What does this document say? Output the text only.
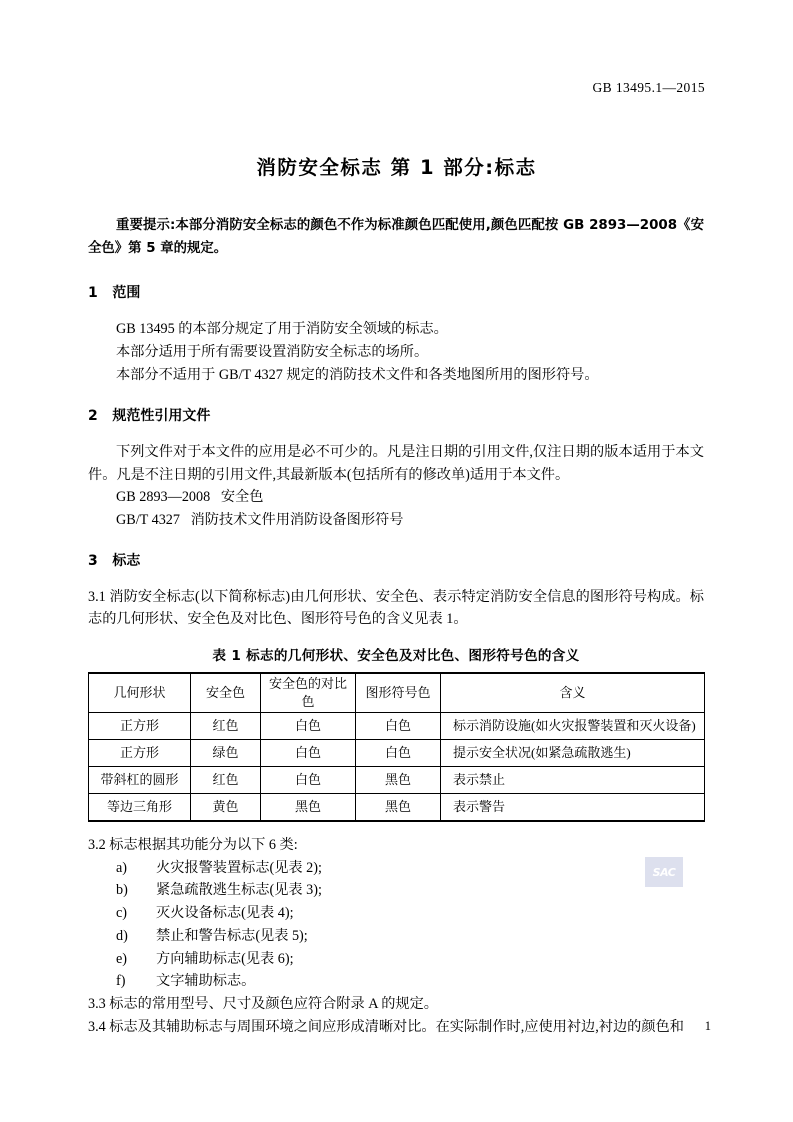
GB 13495.1—2015
消防安全标志 第 1 部分:标志

重要提示:本部分消防安全标志的颜色不作为标准颜色匹配使用,颜色匹配按 GB 2893—2008《安全色》第 5 章的规定。

1   范围

GB 13495 的本部分规定了用于消防安全领域的标志。
本部分适用于所有需要设置消防安全标志的场所。
本部分不适用于 GB/T 4327 规定的消防技术文件和各类地图所用的图形符号。

2   规范性引用文件

下列文件对于本文件的应用是必不可少的。凡是注日期的引用文件,仅注日期的版本适用于本文件。凡是不注日期的引用文件,其最新版本(包括所有的修改单)适用于本文件。

GB 2893—2008   安全色
GB/T 4327   消防技术文件用消防设备图形符号

3   标志

3.1 消防安全标志(以下简称标志)由几何形状、安全色、表示特定消防安全信息的图形符号构成。标志的几何形状、安全色及对比色、图形符号色的含义见表 1。

表 1 标志的几何形状、安全色及对比色、图形符号色的含义

几何形状	安全色	安全色的对比色	图形符号色	含义
正方形	红色	白色	白色	标示消防设施(如火灾报警装置和灭火设备)
正方形	绿色	白色	白色	提示安全状况(如紧急疏散逃生)
带斜杠的圆形	红色	白色	黑色	表示禁止
等边三角形	黄色	黑色	黑色	表示警告

3.2 标志根据其功能分为以下 6 类:

a) 火灾报警装置标志(见表 2);
b) 紧急疏散逃生标志(见表 3);
c) 灭火设备标志(见表 4);
d) 禁止和警告标志(见表 5);
e) 方向辅助标志(见表 6);
f) 文字辅助标志。

3.3 标志的常用型号、尺寸及颜色应符合附录 A 的规定。

3.4 标志及其辅助标志与周围环境之间应形成清晰对比。在实际制作时,应使用衬边,衬边的颜色和

SAC
1
